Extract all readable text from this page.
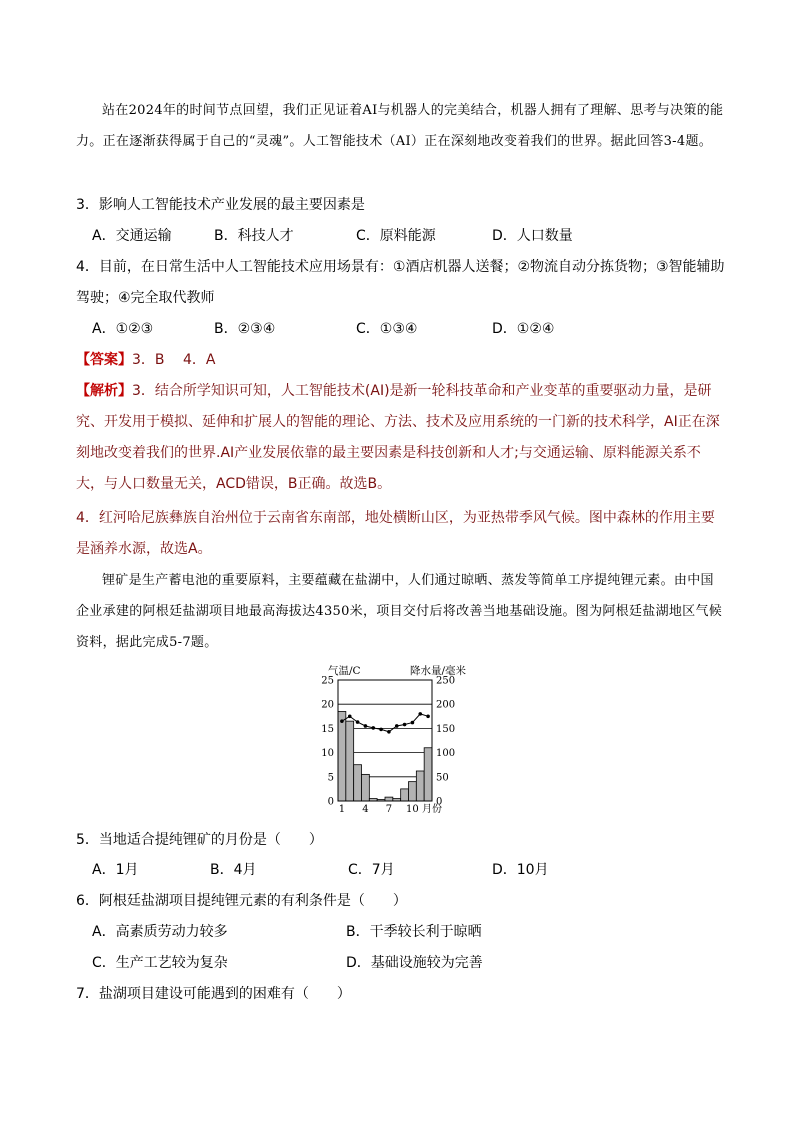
站在2024年的时间节点回望，我们正见证着AI与机器人的完美结合，机器人拥有了理解、思考与决策的能力。正在逐渐获得属于自己的“灵魂”。人工智能技术（AI）正在深刻地改变着我们的世界。据此回答3-4题。
3．影响人工智能技术产业发展的最主要因素是
A．交通运输	B．科技人才	C．原料能源	D．人口数量
4．目前，在日常生活中人工智能技术应用场景有：①酒店机器人送餐；②物流自动分拣货物；③智能辅助驾驶；④完全取代教师
A．①②③	B．②③④	C．①③④	D．①②④
【答案】3．B　 4．A
【解析】3．结合所学知识可知，人工智能技术(AI)是新一轮科技革命和产业变革的重要驱动力量，是研究、开发用于模拟、延伸和扩展人的智能的理论、方法、技术及应用系统的一门新的技术科学，AI正在深刻地改变着我们的世界.AI产业发展依靠的最主要因素是科技创新和人才;与交通运输、原料能源关系不大，与人口数量无关，ACD错误，B正确。故选B。
4．红河哈尼族彝族自治州位于云南省东南部，地处横断山区，为亚热带季风气候。图中森林的作用主要是涵养水源，故选A。
锂矿是生产蓄电池的重要原料，主要蕴藏在盐湖中，人们通过晾晒、蒸发等简单工序提纯锂元素。由中国企业承建的阿根廷盐湖项目地最高海拔达4350米，项目交付后将改善当地基础设施。图为阿根廷盐湖地区气候资料，据此完成5-7题。
25
20
15
10
5
0
250
200
150
100
50
0
1 4 7 10 月份
气温/C	降水量/毫米
5．当地适合提纯锂矿的月份是（　　）
A．1月	B．4月	C．7月	D．10月
6．阿根廷盐湖项目提纯锂元素的有利条件是（　　）
A．高素质劳动力较多	B．干季较长利于晾晒
C．生产工艺较为复杂	D．基础设施较为完善
7．盐湖项目建设可能遇到的困难有（　　）
